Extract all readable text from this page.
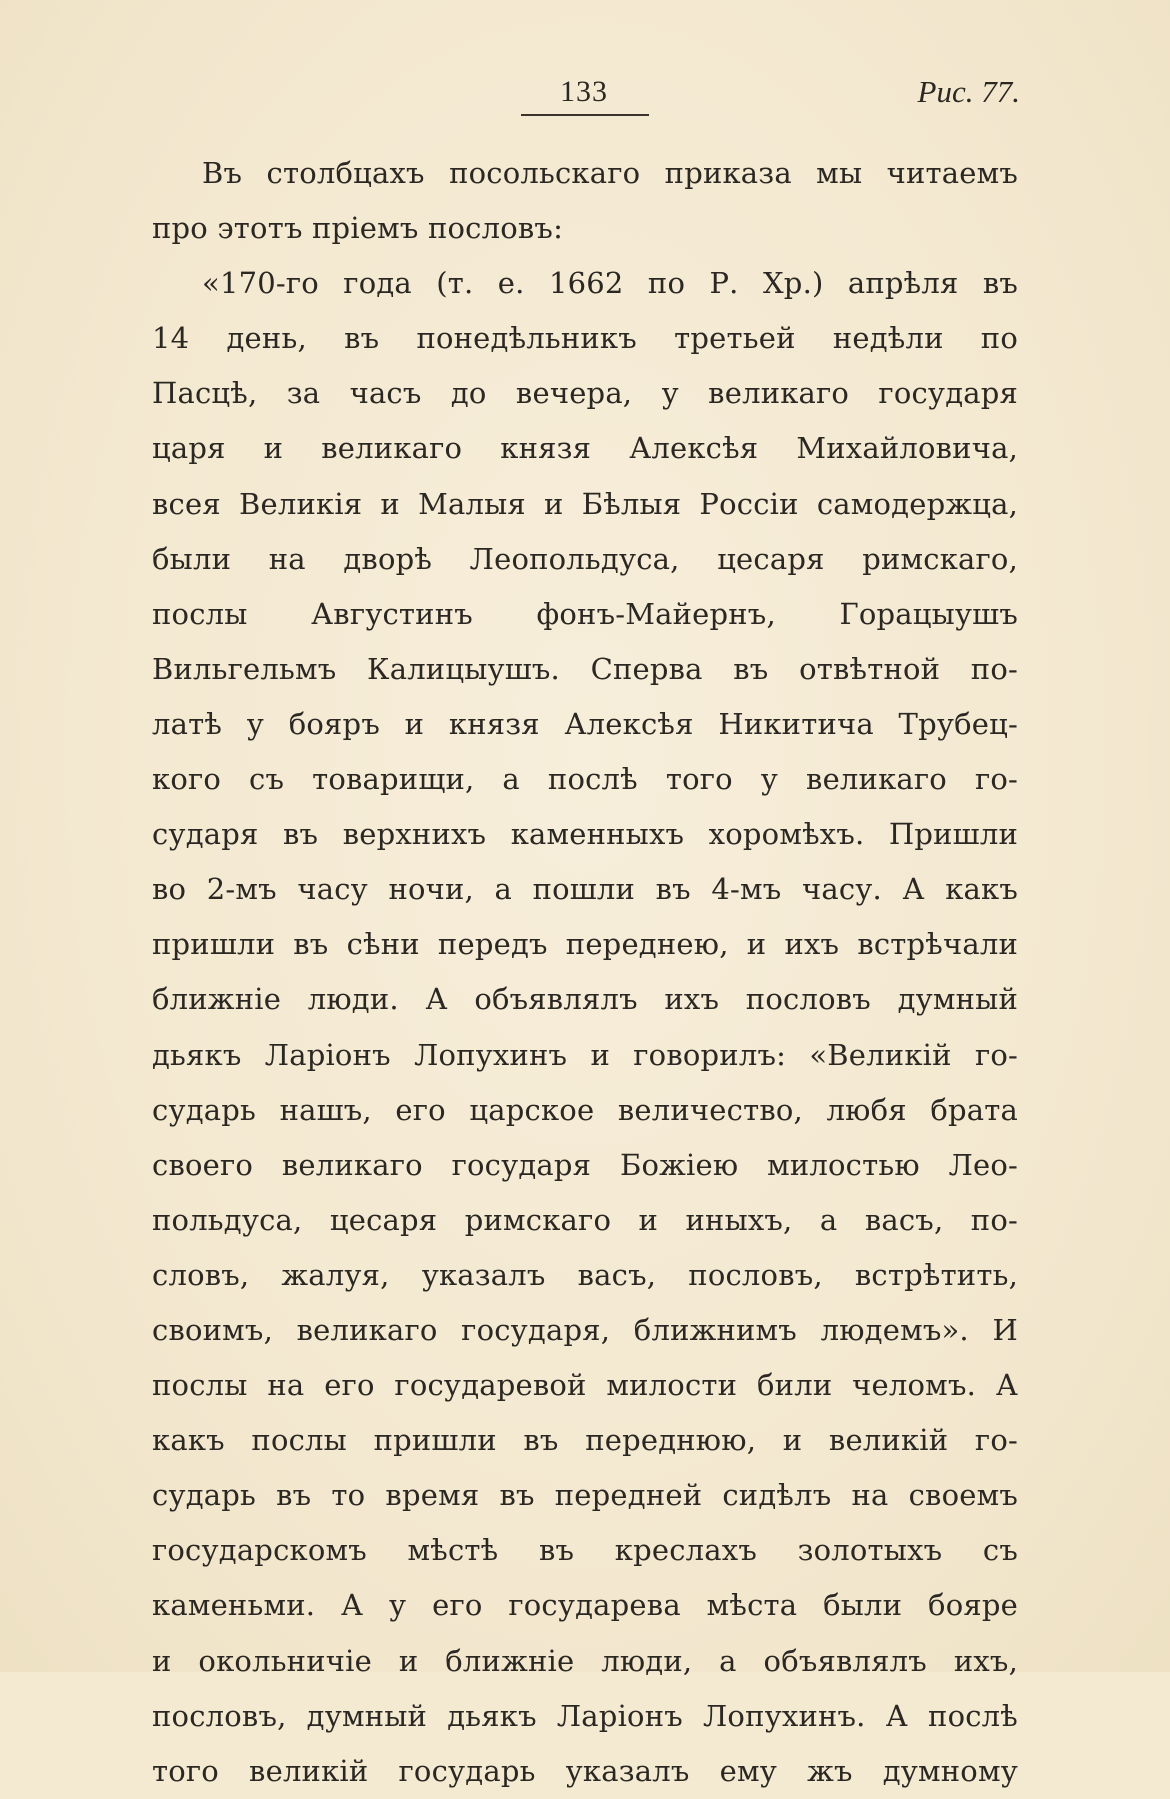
133	Рис. 77.
Въ столбцахъ посольскаго приказа мы читаемъ
про этотъ пріемъ пословъ:
«170-го года (т. е. 1662 по Р. Хр.) апрѣля въ
14 день, въ понедѣльникъ третьей недѣли по
Пасцѣ, за часъ до вечера, у великаго государя
царя и великаго князя Алексѣя Михайловича,
всея Великія и Малыя и Бѣлыя Россіи самодержца,
были на дворѣ Леопольдуса, цесаря римскаго,
послы Августинъ фонъ-Майернъ, Горацыушъ
Вильгельмъ Калицыушъ. Сперва въ отвѣтной по-
латѣ у бояръ и князя Алексѣя Никитича Трубец-
кого съ товарищи, а послѣ того у великаго го-
сударя въ верхнихъ каменныхъ хоромѣхъ. Пришли
во 2-мъ часу ночи, а пошли въ 4-мъ часу. А какъ
пришли въ сѣни передъ переднею, и ихъ встрѣчали
ближніе люди. А объявлялъ ихъ пословъ думный
дьякъ Ларіонъ Лопухинъ и говорилъ: «Великій го-
сударь нашъ, его царское величество, любя брата
своего великаго государя Божіею милостью Лео-
польдуса, цесаря римскаго и иныхъ, а васъ, по-
словъ, жалуя, указалъ васъ, пословъ, встрѣтить,
своимъ, великаго государя, ближнимъ людемъ». И
послы на его государевой милости били челомъ. А
какъ послы пришли въ переднюю, и великій го-
сударь въ то время въ передней сидѣлъ на своемъ
государскомъ мѣстѣ въ креслахъ золотыхъ съ
каменьми. А у его государева мѣста были бояре
и окольничіе и ближніе люди, а объявлялъ ихъ,
пословъ, думный дьякъ Ларіонъ Лопухинъ. А послѣ
того великій государь указалъ ему жъ думному
